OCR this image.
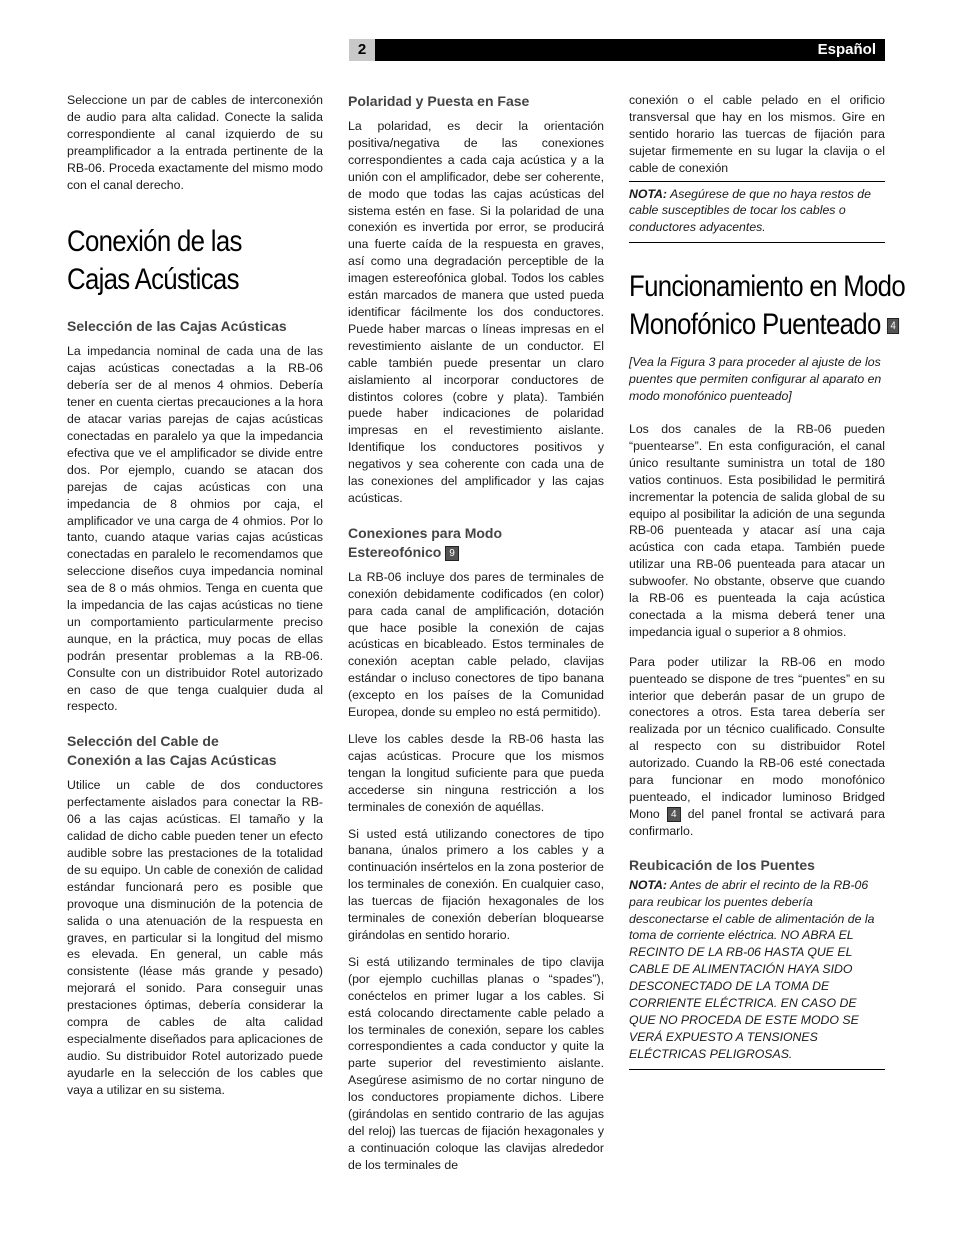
2	Español

Seleccione un par de cables de interconexión de audio para alta calidad. Conecte la salida correspondiente al canal izquierdo de su preamplificador a la entrada pertinente de la RB-06. Proceda exactamente del mismo modo con el canal derecho.

Conexión de las
Cajas Acústicas
Selección de las Cajas Acústicas

La impedancia nominal de cada una de las cajas acústicas conectadas a la RB-06 debería ser de al menos 4 ohmios. Debería tener en cuenta ciertas precauciones a la hora de atacar varias parejas de cajas acústicas conectadas en paralelo ya que la impedancia efectiva que ve el amplificador se divide entre dos. Por ejemplo, cuando se atacan dos parejas de cajas acústicas con una impedancia de 8 ohmios por caja, el amplificador ve una carga de 4 ohmios. Por lo tanto, cuando ataque varias cajas acústicas conectadas en paralelo le recomendamos que seleccione diseños cuya impedancia nominal sea de 8 o más ohmios. Tenga en cuenta que la impedancia de las cajas acústicas no tiene un comportamiento particularmente preciso aunque, en la práctica, muy pocas de ellas podrán presentar problemas a la RB-06. Consulte con un distribuidor Rotel autorizado en caso de que tenga cualquier duda al respecto.

Selección del Cable de
Conexión a las Cajas Acústicas

Utilice un cable de dos conductores perfectamente aislados para conectar la RB-06 a las cajas acústicas. El tamaño y la calidad de dicho cable pueden tener un efecto audible sobre las prestaciones de la totalidad de su equipo. Un cable de conexión de calidad estándar funcionará pero es posible que provoque una disminución de la potencia de salida o una atenuación de la respuesta en graves, en particular si la longitud del mismo es elevada. En general, un cable más consistente (léase más grande y pesado) mejorará el sonido. Para conseguir unas prestaciones óptimas, debería considerar la compra de cables de alta calidad especialmente diseñados para aplicaciones de audio. Su distribuidor Rotel autorizado puede ayudarle en la selección de los cables que vaya a utilizar en su sistema.

Polaridad y Puesta en Fase

La polaridad, es decir la orientación positiva/negativa de las conexiones correspondientes a cada caja acústica y a la unión con el amplificador, debe ser coherente, de modo que todas las cajas acústicas del sistema estén en fase. Si la polaridad de una conexión es invertida por error, se producirá una fuerte caída de la respuesta en graves, así como una degradación perceptible de la imagen estereofónica global. Todos los cables están marcados de manera que usted pueda identificar fácilmente los dos conductores. Puede haber marcas o líneas impresas en el revestimiento aislante de un conductor. El cable también puede presentar un claro aislamiento al incorporar conductores de distintos colores (cobre y plata). También puede haber indicaciones de polaridad impresas en el revestimiento aislante. Identifique los conductores positivos y negativos y sea coherente con cada una de las conexiones del amplificador y las cajas acústicas.

Conexiones para Modo
Estereofónico 9

La RB-06 incluye dos pares de terminales de conexión debidamente codificados (en color) para cada canal de amplificación, dotación que hace posible la conexión de cajas acústicas en bicableado. Estos terminales de conexión aceptan cable pelado, clavijas estándar o incluso conectores de tipo banana (excepto en los países de la Comunidad Europea, donde su empleo no está permitido).

Lleve los cables desde la RB-06 hasta las cajas acústicas. Procure que los mismos tengan la longitud suficiente para que pueda accederse sin ninguna restricción a los terminales de conexión de aquéllas.

Si usted está utilizando conectores de tipo banana, únalos primero a los cables y a continuación insértelos en la zona posterior de los terminales de conexión. En cualquier caso, las tuercas de fijación hexagonales de los terminales de conexión deberían bloquearse girándolas en sentido horario.

Si está utilizando terminales de tipo clavija (por ejemplo cuchillas planas o “spades”), conéctelos en primer lugar a los cables. Si está colocando directamente cable pelado a los terminales de conexión, separe los cables correspondientes a cada conductor y quite la parte superior del revestimiento aislante. Asegúrese asimismo de no cortar ninguno de los conductores propiamente dichos. Libere (girándolas en sentido contrario de las agujas del reloj) las tuercas de fijación hexagonales y a continuación coloque las clavijas alrededor de los terminales de

conexión o el cable pelado en el orificio transversal que hay en los mismos. Gire en sentido horario las tuercas de fijación para sujetar firmemente en su lugar la clavija o el cable de conexión

NOTA: Asegúrese de que no haya restos de cable susceptibles de tocar los cables o conductores adyacentes.

Funcionamiento en Modo
Monofónico Puenteado 4

[Vea la Figura 3 para proceder al ajuste de los puentes que permiten configurar al aparato en modo monofónico puenteado]

Los dos canales de la RB-06 pueden “puentearse”. En esta configuración, el canal único resultante suministra un total de 180 vatios continuos. Esta posibilidad le permitirá incrementar la potencia de salida global de su equipo al posibilitar la adición de una segunda RB-06 puenteada y atacar así una caja acústica con cada etapa. También puede utilizar una RB-06 puenteada para atacar un subwoofer. No obstante, observe que cuando la RB-06 es puenteada la caja acústica conectada a la misma deberá tener una impedancia igual o superior a 8 ohmios.

Para poder utilizar la RB-06 en modo puenteado se dispone de tres “puentes” en su interior que deberán pasar de un grupo de conectores a otros. Esta tarea debería ser realizada por un técnico cualificado. Consulte al respecto con su distribuidor Rotel autorizado. Cuando la RB-06 esté conectada para funcionar en modo monofónico puenteado, el indicador luminoso Bridged Mono 4 del panel frontal se activará para confirmarlo.

Reubicación de los Puentes

NOTA: Antes de abrir el recinto de la RB-06 para reubicar los puentes debería desconectarse el cable de alimentación de la toma de corriente eléctrica. NO ABRA EL RECINTO DE LA RB-06 HASTA QUE EL CABLE DE ALIMENTACIÓN HAYA SIDO DESCONECTADO DE LA TOMA DE CORRIENTE ELÉCTRICA. EN CASO DE QUE NO PROCEDA DE ESTE MODO SE VERÁ EXPUESTO A TENSIONES ELÉCTRICAS PELIGROSAS.
